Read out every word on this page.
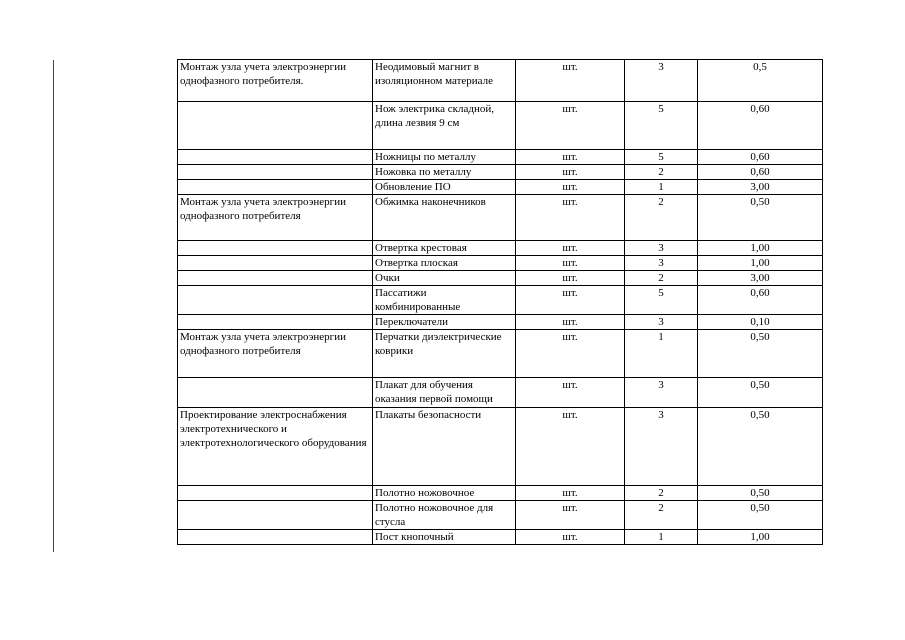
Монтаж узла учета электроэнергии однофазного потребителя.	Неодимовый магнит в изоляционном материале	шт.	3	0,5
	Нож электрика складной, длина лезвия 9 см	шт.	5	0,60
	Ножницы по металлу	шт.	5	0,60
	Ножовка по металлу	шт.	2	0,60
	Обновление ПО	шт.	1	3,00
Монтаж узла учета электроэнергии однофазного потребителя	Обжимка наконечников	шт.	2	0,50
	Отвертка крестовая	шт.	3	1,00
	Отвертка плоская	шт.	3	1,00
	Очки	шт.	2	3,00
	Пассатижи комбинированные	шт.	5	0,60
	Переключатели	шт.	3	0,10
Монтаж узла учета электроэнергии однофазного потребителя	Перчатки диэлектрические коврики	шт.	1	0,50
	Плакат для обучения оказания первой помощи	шт.	3	0,50
Проектирование электроснабжения электротехнического и электротехнологического оборудования	Плакаты безопасности	шт.	3	0,50
	Полотно ножовочное	шт.	2	0,50
	Полотно ножовочное для стусла	шт.	2	0,50
	Пост кнопочный	шт.	1	1,00
